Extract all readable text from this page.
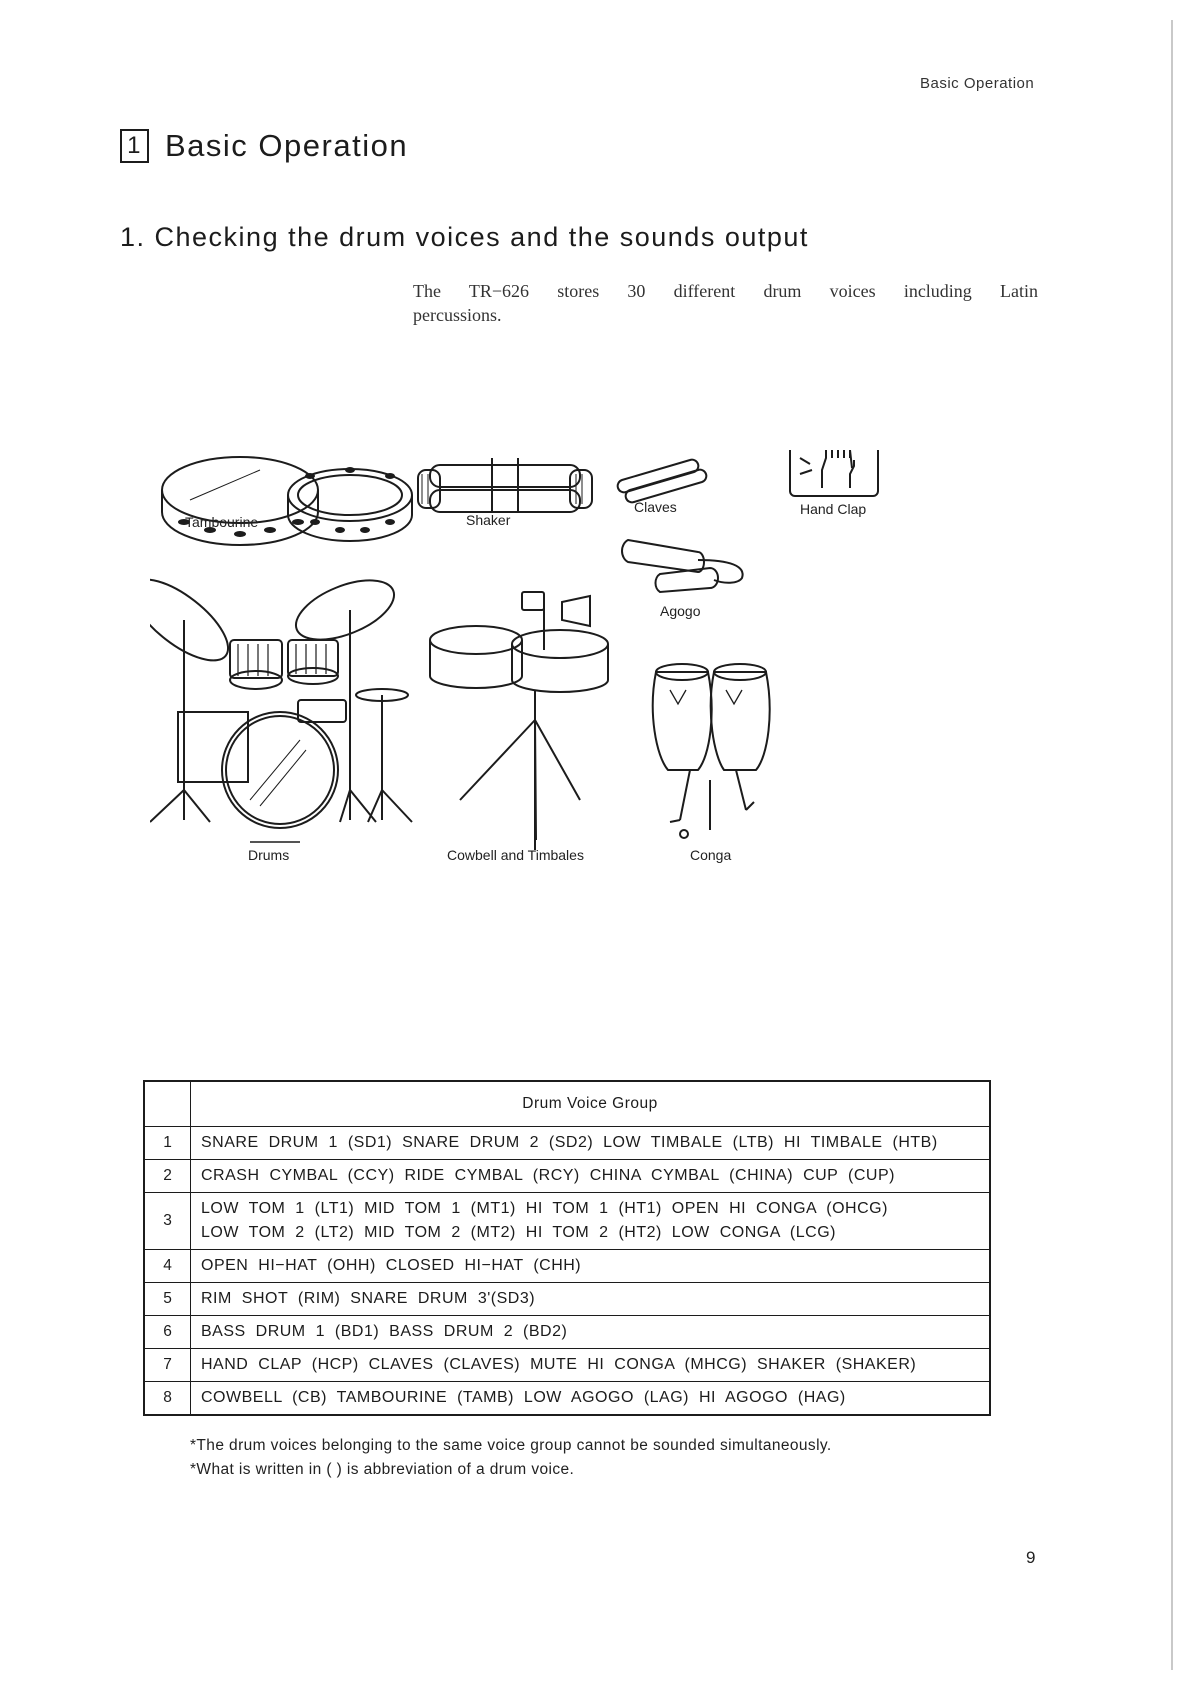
Basic Operation
1 Basic Operation
1. Checking the drum voices and the sounds output
The TR−626 stores 30 different drum voices including Latin
percussions.
Tambourine	Shaker
Claves	Hand Clap
Agogo
Drums	Cowbell and Timbales	Conga
	Drum Voice Group
1	SNARE DRUM 1 (SD1) SNARE DRUM 2 (SD2) LOW TIMBALE (LTB) HI TIMBALE (HTB)

2	CRASH CYMBAL (CCY) RIDE CYMBAL (RCY) CHINA CYMBAL (CHINA) CUP (CUP)

3	LOW TOM 1 (LT1) MID TOM 1 (MT1) HI TOM 1 (HT1) OPEN HI CONGA (OHCG)
LOW TOM 2 (LT2) MID TOM 2 (MT2) HI TOM 2 (HT2) LOW CONGA (LCG)

4	OPEN HI−HAT (OHH) CLOSED HI−HAT (CHH)

5	RIM SHOT (RIM) SNARE DRUM 3'(SD3)

6	BASS DRUM 1 (BD1) BASS DRUM 2 (BD2)

7	HAND CLAP (HCP) CLAVES (CLAVES) MUTE HI CONGA (MHCG) SHAKER (SHAKER)

8	COWBELL (CB) TAMBOURINE (TAMB) LOW AGOGO (LAG) HI AGOGO (HAG)
*The drum voices belonging to the same voice group cannot be sounded simultaneously.
*What is written in ( ) is abbreviation of a drum voice.
9
